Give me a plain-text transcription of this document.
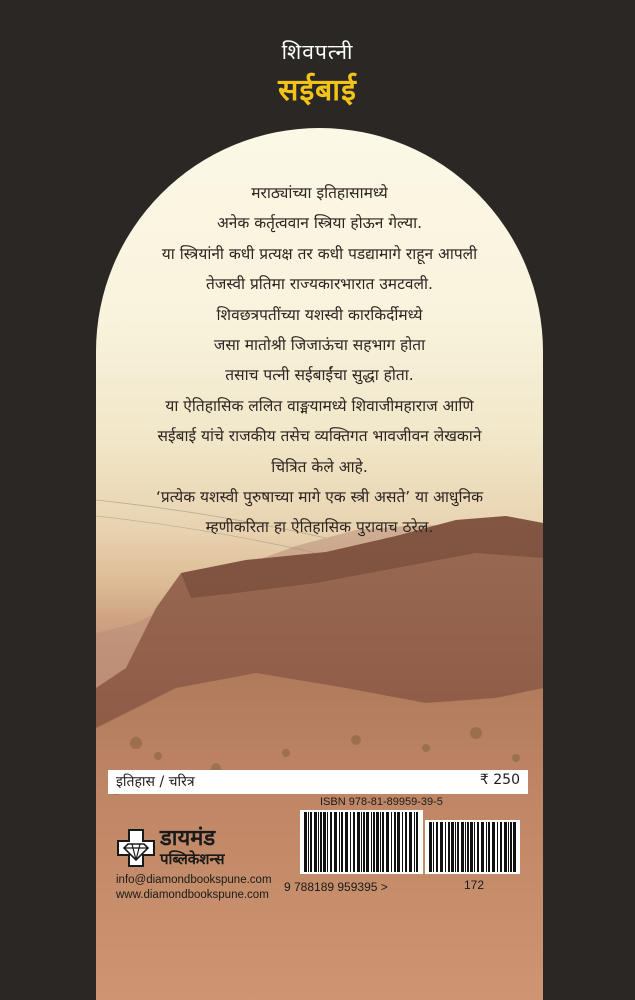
शिवपत्नी
सईबाई
मराठ्यांच्या इतिहासामध्ये
अनेक कर्तृत्ववान स्त्रिया होऊन गेल्या.
या स्त्रियांनी कधी प्रत्यक्ष तर कधी पडद्यामागे राहून आपली
तेजस्वी प्रतिमा राज्यकारभारात उमटवली.
शिवछत्रपतींच्या यशस्वी कारकिर्दीमध्ये
जसा मातोश्री जिजाऊंचा सहभाग होता
तसाच पत्नी सईबाईंचा सुद्धा होता.
या ऐतिहासिक ललित वाङ्मयामध्ये शिवाजीमहाराज आणि
सईबाई यांचे राजकीय तसेच व्यक्तिगत भावजीवन लेखकाने
चित्रित केले आहे.
‘प्रत्येक यशस्वी पुरुषाच्या मागे एक स्त्री असते’ या आधुनिक
म्हणीकरिता हा ऐतिहासिक पुरावाच ठरेल.
इतिहास / चरित्र	₹ 250
ISBN 978-81-89959-39-5
9 788189 959395 >	172
डायमंड
पब्लिकेशन्स
info@diamondbookspune.com
www.diamondbookspune.com
